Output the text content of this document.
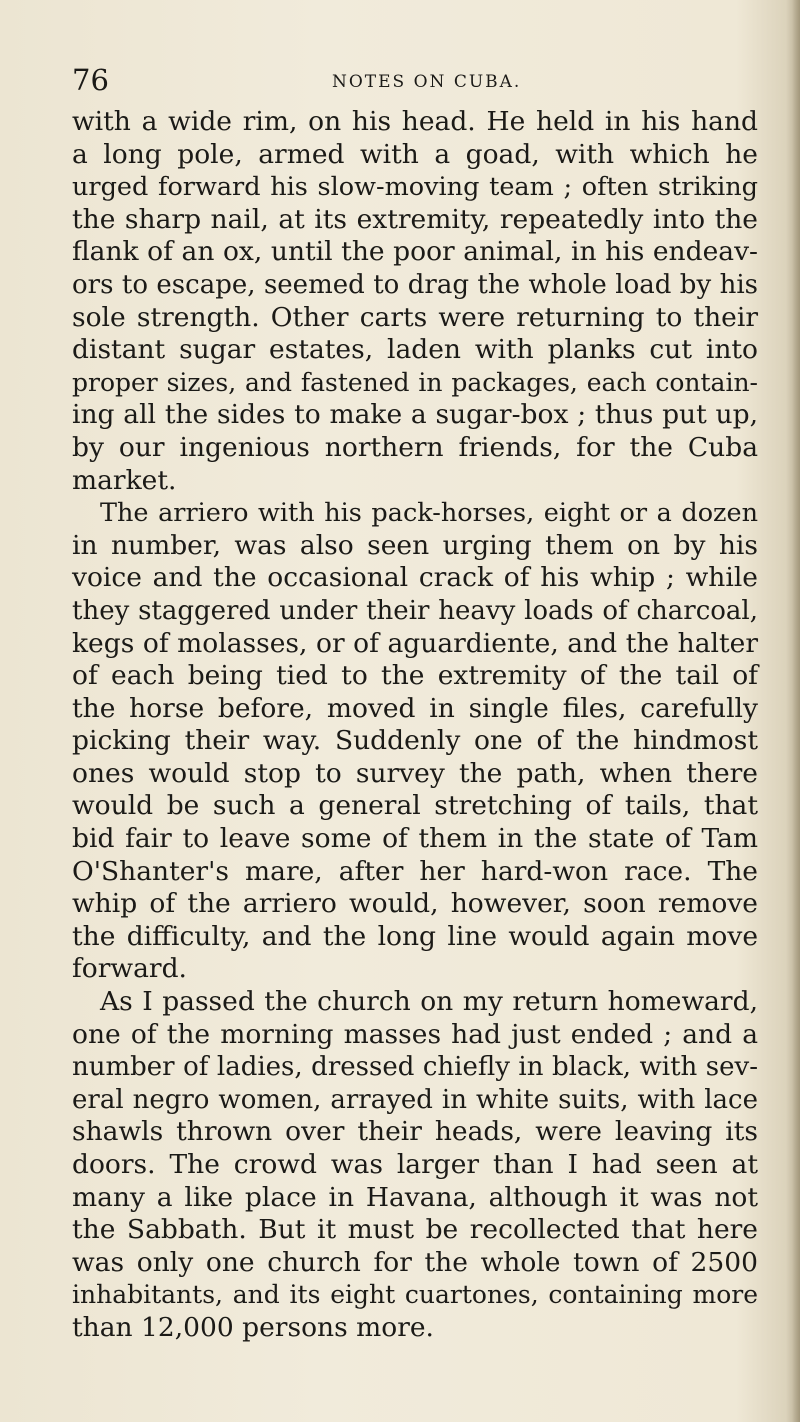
76	NOTES ON CUBA.
with a wide rim, on his head. He held in his hand
a long pole, armed with a goad, with which he
urged forward his slow-moving team ; often striking
the sharp nail, at its extremity, repeatedly into the
flank of an ox, until the poor animal, in his endeav-
ors to escape, seemed to drag the whole load by his
sole strength. Other carts were returning to their
distant sugar estates, laden with planks cut into
proper sizes, and fastened in packages, each contain-
ing all the sides to make a sugar-box ; thus put up,
by our ingenious northern friends, for the Cuba
market.
The arriero with his pack-horses, eight or a dozen
in number, was also seen urging them on by his
voice and the occasional crack of his whip ; while
they staggered under their heavy loads of charcoal,
kegs of molasses, or of aguardiente, and the halter
of each being tied to the extremity of the tail of
the horse before, moved in single files, carefully
picking their way. Suddenly one of the hindmost
ones would stop to survey the path, when there
would be such a general stretching of tails, that
bid fair to leave some of them in the state of Tam
O'Shanter's mare, after her hard-won race. The
whip of the arriero would, however, soon remove
the difficulty, and the long line would again move
forward.
As I passed the church on my return homeward,
one of the morning masses had just ended ; and a
number of ladies, dressed chiefly in black, with sev-
eral negro women, arrayed in white suits, with lace
shawls thrown over their heads, were leaving its
doors. The crowd was larger than I had seen at
many a like place in Havana, although it was not
the Sabbath. But it must be recollected that here
was only one church for the whole town of 2500
inhabitants, and its eight cuartones, containing more
than 12,000 persons more.
